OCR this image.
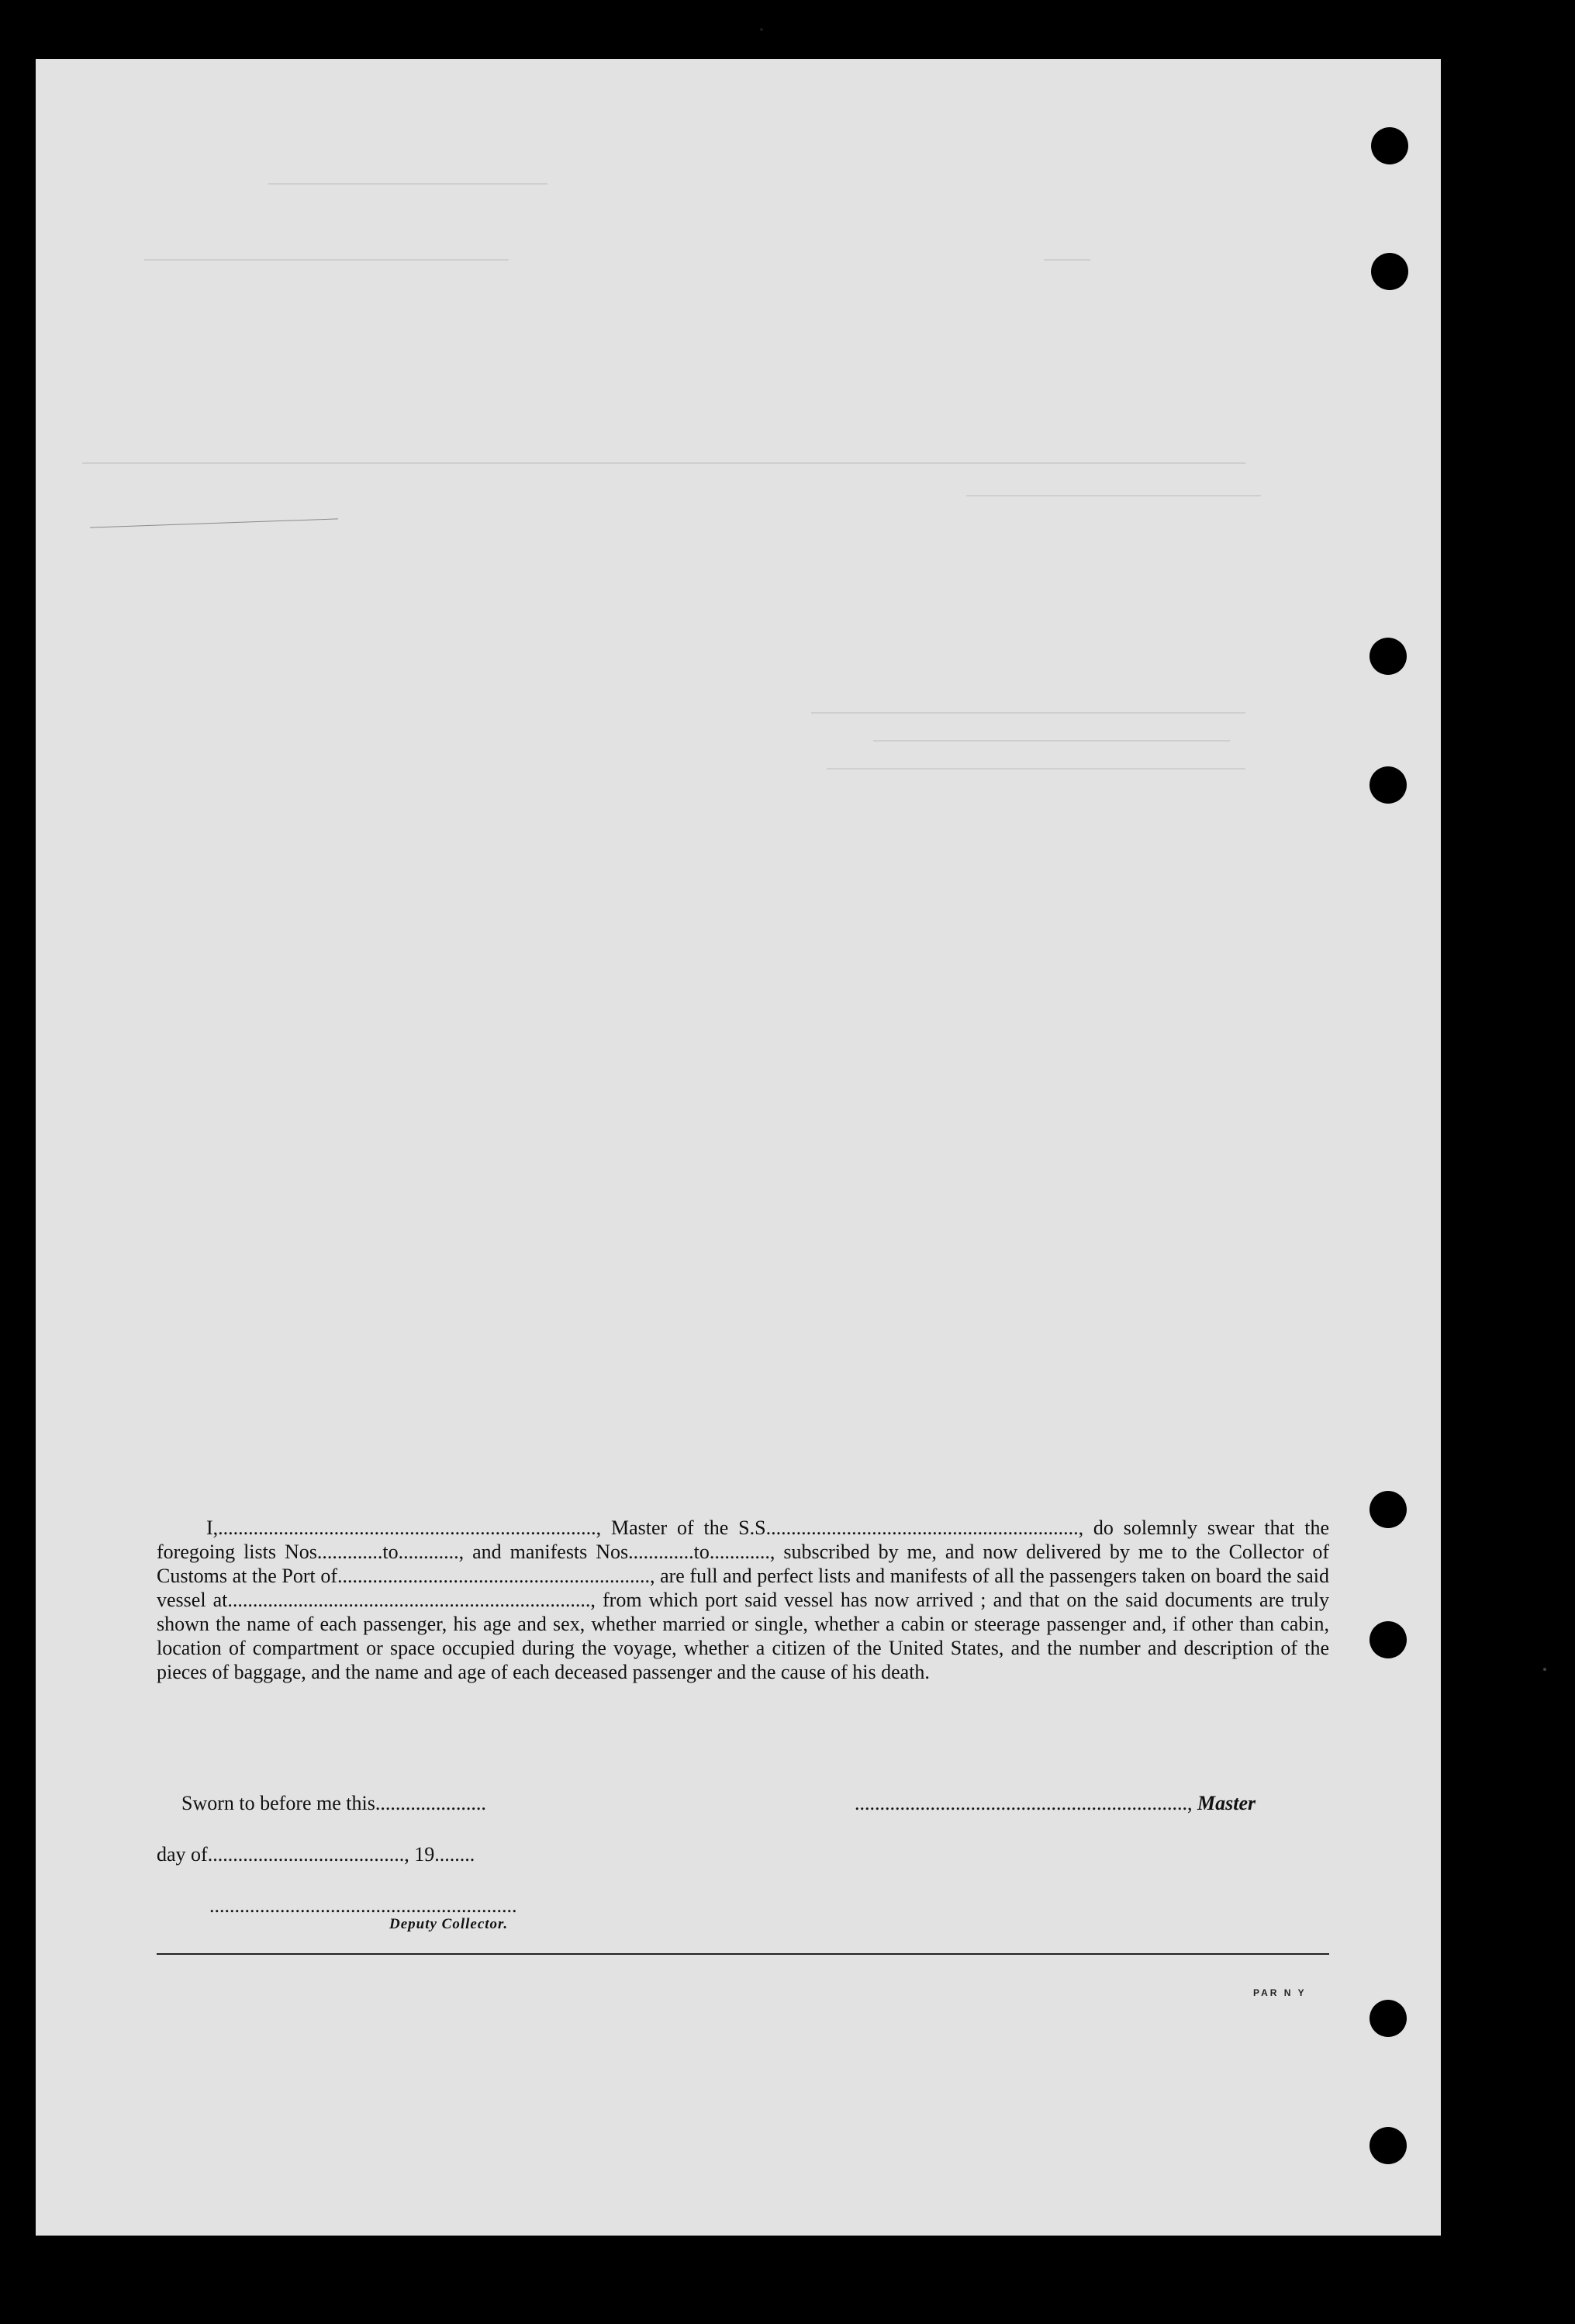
I,..........................................................................., Master of the S.S.............................................................., do solemnly swear that the foregoing lists Nos.............to............, and manifests Nos.............to............, subscribed by me, and now delivered by me to the Collector of Customs at the Port of.............................................................., are full and perfect lists and manifests of all the passengers taken on board the said vessel at........................................................................, from which port said vessel has now arrived ; and that on the said documents are truly shown the name of each passenger, his age and sex, whether married or single, whether a cabin or steerage passenger and, if other than cabin, location of compartment or space occupied during the voyage, whether a citizen of the United States, and the number and description of the pieces of baggage, and the name and age of each deceased passenger and the cause of his death.
Sworn to before me this......................	.................................................................., Master
day of......................................., 19........
.............................................................
Deputy Collector.
PAR N Y
